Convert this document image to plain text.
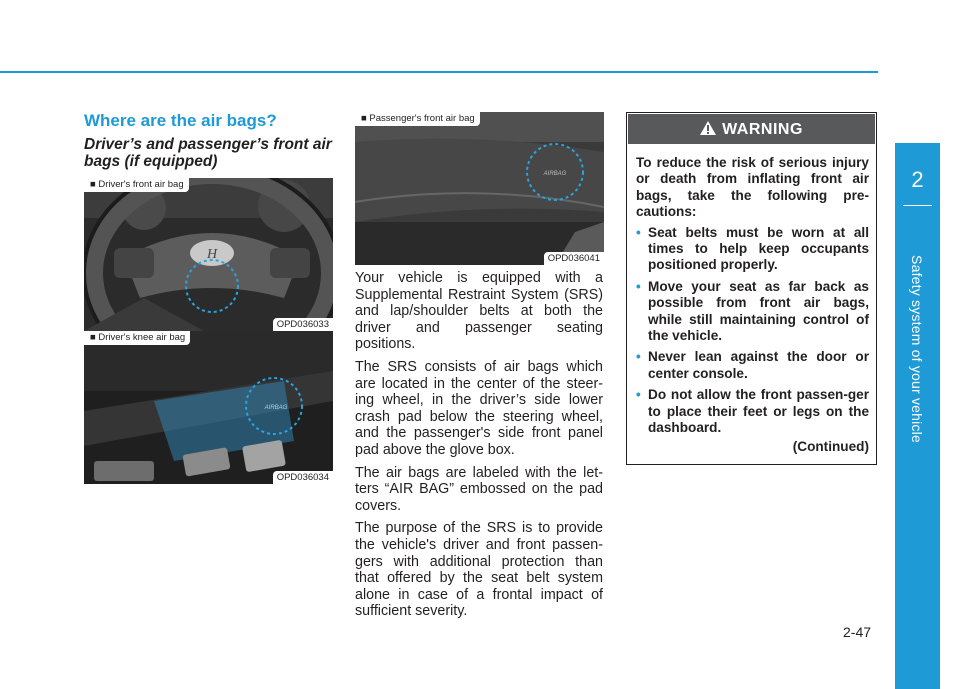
Where are the air bags?
Driver’s and passenger’s front air bags (if equipped)
H
■ Driver's front air bag
OPD036033
AIRBAG
■ Driver's knee air bag
OPD036034
AIRBAG
■ Passenger's front air bag
OPD036041

Your vehicle is equipped with a Supplemental Restraint System (SRS) and lap/shoulder belts at both the driver and passenger seating positions.

The SRS consists of air bags which are located in the center of the steer-ing wheel, in the driver’s side lower crash pad below the steering wheel, and the passenger's side front panel pad above the glove box.

The air bags are labeled with the let-ters “AIR BAG” embossed on the pad covers.

The purpose of the SRS is to provide the vehicle's driver and front passen-gers with additional protection than that offered by the seat belt system alone in case of a frontal impact of sufficient severity.

WARNING
To reduce the risk of serious injury or death from inflating front air bags, take the following pre-cautions:
• Seat belts must be worn at all times to help keep occupants positioned properly.
• Move your seat as far back as possible from front air bags, while still maintaining control of the vehicle.
• Never lean against the door or center console.
• Do not allow the front passen-ger to place their feet or legs on the dashboard.
(Continued)
2
Safety system of your vehicle
2-47
